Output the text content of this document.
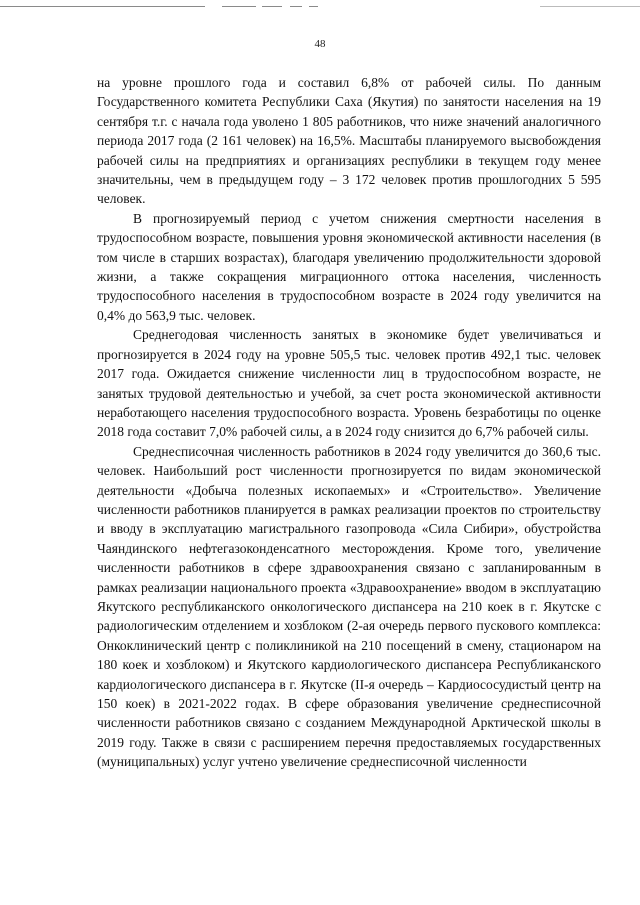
48

на уровне прошлого года и составил 6,8% от рабочей силы. По данным Государственного комитета Республики Саха (Якутия) по занятости населения на 19 сентября т.г. с начала года уволено 1 805 работников, что ниже значений аналогичного периода 2017 года (2 161 человек) на 16,5%. Масштабы планируемого высвобождения рабочей силы на предприятиях и организациях республики в текущем году менее значительны, чем в предыдущем году – 3 172 человек против прошлогодних 5 595 человек.

В прогнозируемый период с учетом снижения смертности населения в трудоспособном возрасте, повышения уровня экономической активности населения (в том числе в старших возрастах), благодаря увеличению продолжительности здоровой жизни, а также сокращения миграционного оттока населения, численность трудоспособного населения в трудоспособном возрасте в 2024 году увеличится на 0,4% до 563,9 тыс. человек.

Среднегодовая численность занятых в экономике будет увеличиваться и прогнозируется в 2024 году на уровне 505,5 тыс. человек против 492,1 тыс. человек 2017 года. Ожидается снижение численности лиц в трудоспособном возрасте, не занятых трудовой деятельностью и учебой, за счет роста экономической активности неработающего населения трудоспособного возраста. Уровень безработицы по оценке 2018 года составит 7,0% рабочей силы, а в 2024 году снизится до 6,7% рабочей силы.

Среднесписочная численность работников в 2024 году увеличится до 360,6 тыс. человек. Наибольший рост численности прогнозируется по видам экономической деятельности «Добыча полезных ископаемых» и «Строительство». Увеличение численности работников планируется в рамках реализации проектов по строительству и вводу в эксплуатацию магистрального газопровода «Сила Сибири», обустройства Чаяндинского нефтегазоконденсатного месторождения. Кроме того, увеличение численности работников в сфере здравоохранения связано с запланированным в рамках реализации национального проекта «Здравоохранение» вводом в эксплуатацию Якутского республиканского онкологического диспансера на 210 коек в г. Якутске с радиологическим отделением и хозблоком (2-ая очередь первого пускового комплекса: Онкоклинический центр с поликлиникой на 210 посещений в смену, стационаром на 180 коек и хозблоком) и Якутского кардиологического диспансера Республиканского кардиологического диспансера в г. Якутске (II-я очередь – Кардиососудистый центр на 150 коек) в 2021-2022 годах. В сфере образования увеличение среднесписочной численности работников связано с созданием Международной Арктической школы в 2019 году. Также в связи с расширением перечня предоставляемых государственных (муниципальных) услуг учтено увеличение среднесписочной численности
